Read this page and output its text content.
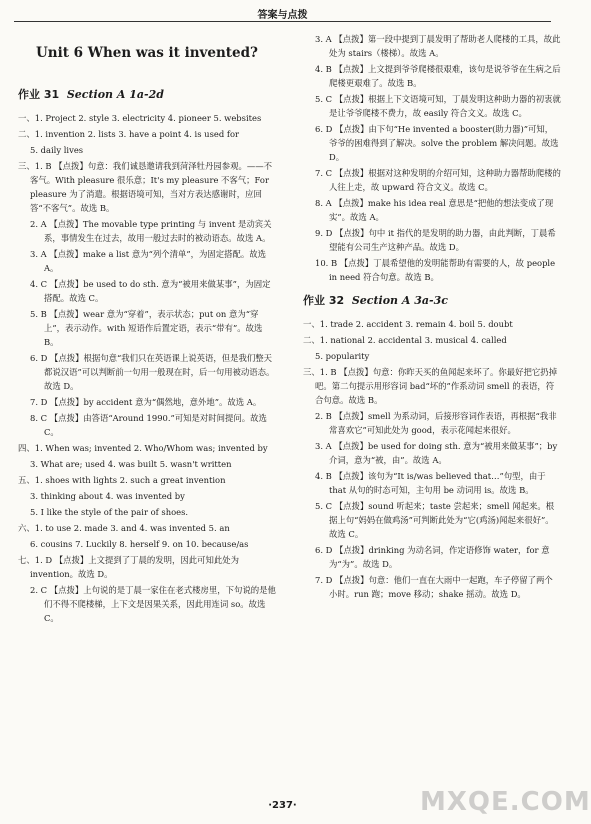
答案与点拨
Unit 6 When was it invented?
作业 31 Section A 1a-2d
一、1. Project 2. style 3. electricity 4. pioneer 5. websites
二、1. invention 2. lists 3. have a point 4. is used for
5. daily lives
三、1. B 【点拨】句意：我们诚恳邀请我到菏泽牡丹园参观。——不客气。With pleasure 很乐意；It's my pleasure 不客气；For pleasure 为了消遣。根据语境可知，当对方表达感谢时，应回答“不客气”。故选 B。
2. A 【点拨】The movable type printing 与 invent 是动宾关系，事情发生在过去，故用一般过去时的被动语态。故选 A。
3. A 【点拨】make a list 意为“列个清单”，为固定搭配。故选 A。
4. C 【点拨】be used to do sth. 意为“被用来做某事”，为固定搭配。故选 C。
5. B 【点拨】wear 意为“穿着”，表示状态；put on 意为“穿上”，表示动作。with 短语作后置定语，表示“带有”。故选 B。
6. D 【点拨】根据句意“我们只在英语课上说英语，但是我们整天都说汉语”可以判断前一句用一般现在时，后一句用被动语态。故选 D。
7. D 【点拨】by accident 意为“偶然地，意外地”。故选 A。
8. C 【点拨】由答语“Around 1990.”可知是对时间提问。故选 C。
四、1. When was; invented 2. Who/Whom was; invented by
3. What are; used 4. was built 5. wasn't written
五、1. shoes with lights 2. such a great invention
3. thinking about 4. was invented by
5. I like the style of the pair of shoes.
六、1. to use 2. made 3. and 4. was invented 5. an
6. cousins 7. Luckily 8. herself 9. on 10. because/as
七、1. D 【点拨】上文提到了丁晨的发明，因此可知此处为 invention。故选 D。
2. C 【点拨】上句说的是丁晨一家住在老式楼房里，下句说的是他们不得不爬楼梯，上下文是因果关系，因此用连词 so。故选 C。
3. A 【点拨】第一段中提到丁晨发明了帮助老人爬楼的工具，故此处为 stairs（楼梯）。故选 A。
4. B 【点拨】上文提到爷爷爬楼很艰难，该句是说爷爷在生病之后爬楼更艰难了。故选 B。
5. C 【点拨】根据上下文语境可知，丁晨发明这种助力器的初衷就是让爷爷爬楼不费力，故 easily 符合文义。故选 C。
6. D 【点拨】由下句“He invented a booster(助力器)”可知，爷爷的困难得到了解决。solve the problem 解决问题。故选 D。
7. C 【点拨】根据对这种发明的介绍可知，这种助力器帮助爬楼的人往上走，故 upward 符合文义。故选 C。
8. A 【点拨】make his idea real 意思是“把他的想法变成了现实”。故选 A。
9. D 【点拨】句中 it 指代的是发明的助力器，由此判断，丁晨希望能有公司生产这种产品。故选 D。
10. B 【点拨】丁晨希望他的发明能帮助有需要的人，故 people in need 符合句意。故选 B。
作业 32 Section A 3a-3c
一、1. trade 2. accident 3. remain 4. boil 5. doubt
二、1. national 2. accidental 3. musical 4. called
5. popularity
三、1. B 【点拨】句意：你昨天买的鱼闻起来坏了。你最好把它扔掉吧。第二句提示用形容词 bad“坏的”作系动词 smell 的表语，符合句意。故选 B。
2. B 【点拨】smell 为系动词，后接形容词作表语，再根据“我非常喜欢它”可知此处为 good，表示花闻起来很好。
3. A 【点拨】be used for doing sth. 意为“被用来做某事”；by 介词，意为“被，由”。故选 A。
4. B 【点拨】该句为“It is/was believed that…”句型，由于 that 从句的时态可知，主句用 be 动词用 is。故选 B。
5. C 【点拨】sound 听起来；taste 尝起来；smell 闻起来。根据上句“妈妈在做鸡汤”可判断此处为“它(鸡汤)闻起来很好”。故选 C。
6. D 【点拨】drinking 为动名词，作定语修饰 water，for 意为“为”。故选 D。
7. D 【点拨】句意：他们一直在大雨中一起跑，车子停留了两个小时。run 跑；move 移动；shake 摇动。故选 D。
·237·	MXQE.COM
